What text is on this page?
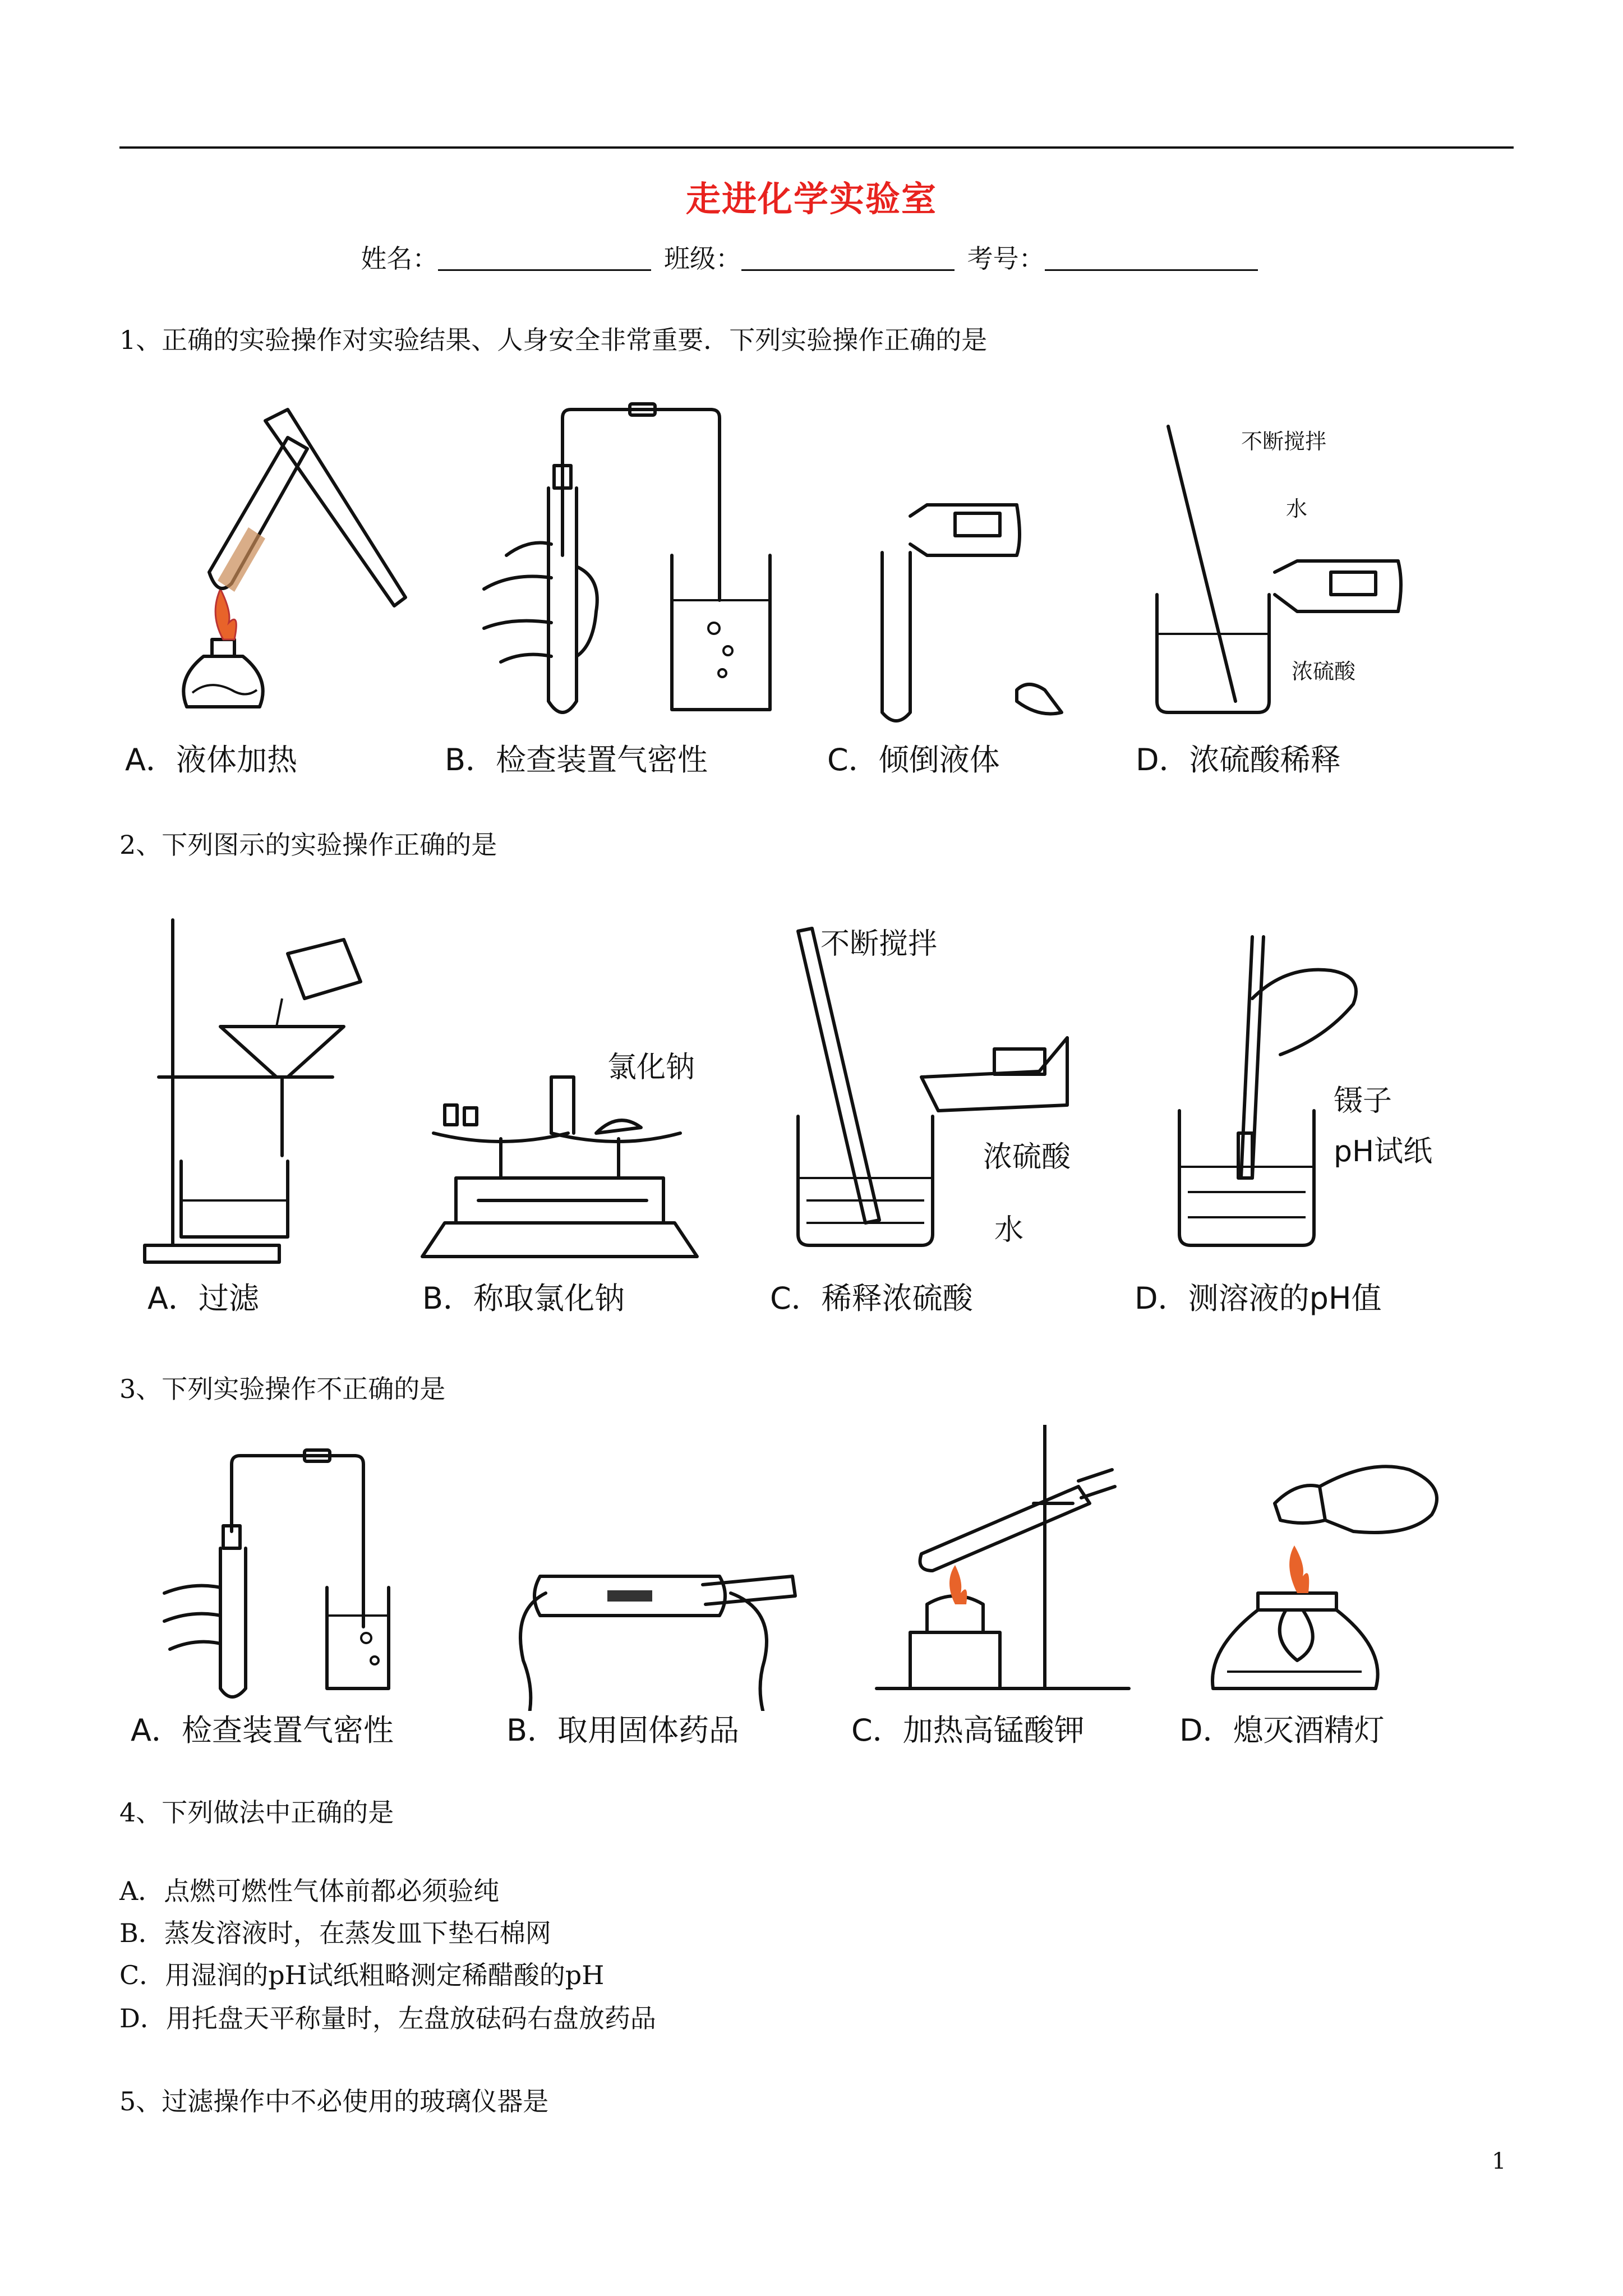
走进化学实验室
姓名：	班级：	考号：
1、正确的实验操作对实验结果、人身安全非常重要．下列实验操作正确的是
不断搅拌
水
浓硫酸
A．液体加热	B．检查装置气密性	C．倾倒液体	D．浓硫酸稀释
2、下列图示的实验操作正确的是
氯化钠
不断搅拌
浓硫酸
水
镊子
pH试纸
A．过滤	B．称取氯化钠	C．稀释浓硫酸	D．测溶液的pH值
3、下列实验操作不正确的是
A．检查装置气密性	B．取用固体药品	C．加热高锰酸钾	D．熄灭酒精灯
4、下列做法中正确的是
A．点燃可燃性气体前都必须验纯
B．蒸发溶液时，在蒸发皿下垫石棉网
C．用湿润的pH试纸粗略测定稀醋酸的pH
D．用托盘天平称量时，左盘放砝码右盘放药品
5、过滤操作中不必使用的玻璃仪器是
1
